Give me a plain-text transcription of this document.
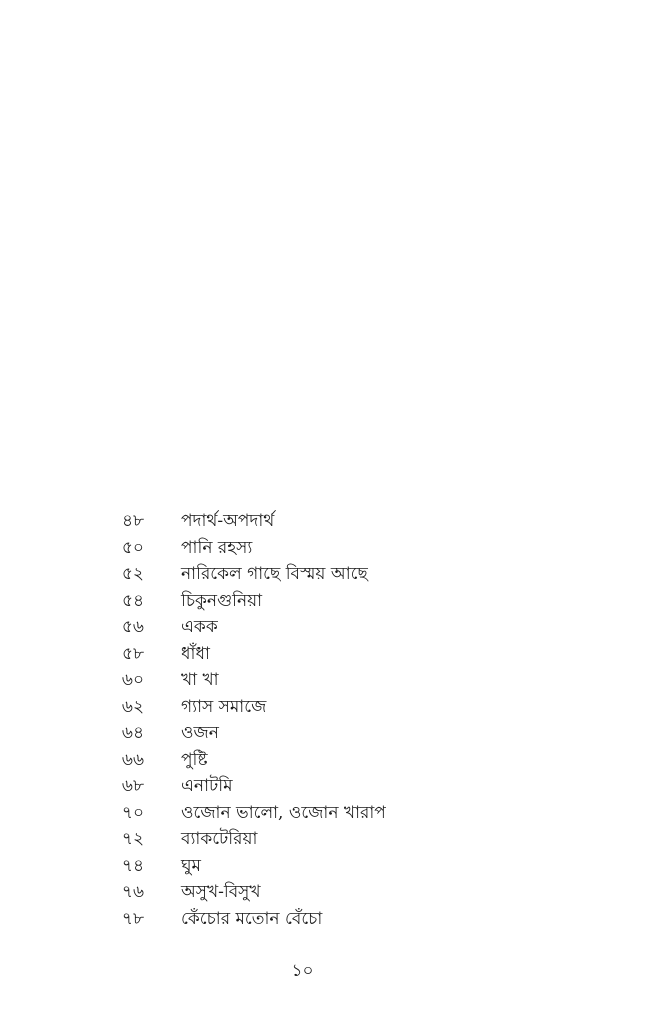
৪৮ পদার্থ-অপদার্থ
৫০ পানি রহস্য
৫২ নারিকেল গাছে বিস্ময় আছে
৫৪ চিকুনগুনিয়া
৫৬ একক
৫৮ ধাঁধা
৬০ খা খা
৬২ গ্যাস সমাজে
৬৪ ওজন
৬৬ পুষ্টি
৬৮ এনাটমি
৭০ ওজোন ভালো, ওজোন খারাপ
৭২ ব্যাকটেরিয়া
৭৪ ঘুম
৭৬ অসুখ-বিসুখ
৭৮ কেঁচোর মতোন বেঁচো
১০
